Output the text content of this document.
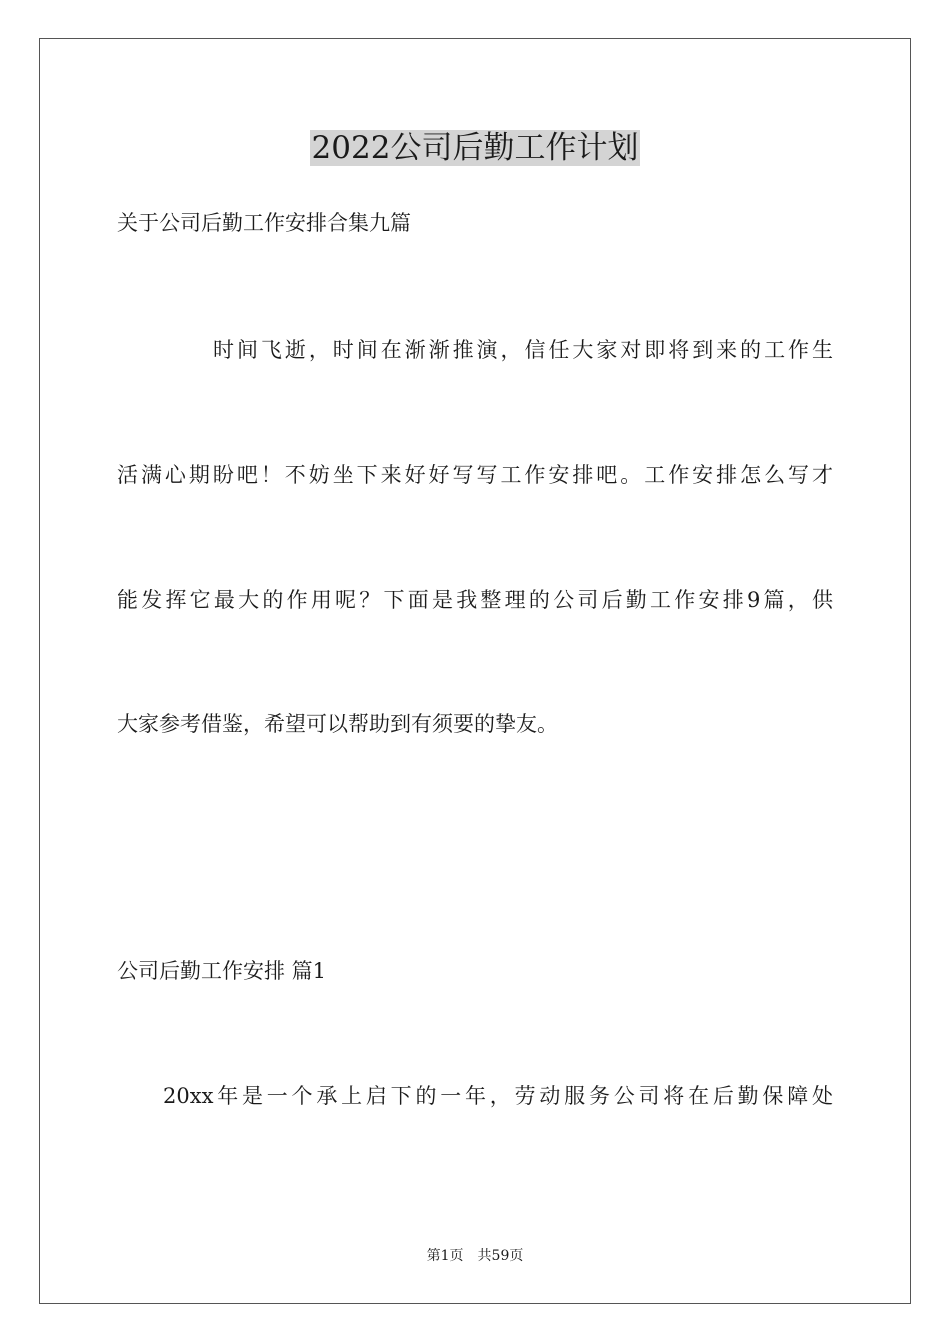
2022公司后勤工作计划
关于公司后勤工作安排合集九篇
时间飞逝，时间在渐渐推演，信任大家对即将到来的工作生
活满心期盼吧！不妨坐下来好好写写工作安排吧。工作安排怎么写才
能发挥它最大的作用呢？下面是我整理的公司后勤工作安排9篇，供
大家参考借鉴，希望可以帮助到有须要的挚友。
公司后勤工作安排 篇1
20xx年是一个承上启下的一年，劳动服务公司将在后勤保障处
第1页　共59页
